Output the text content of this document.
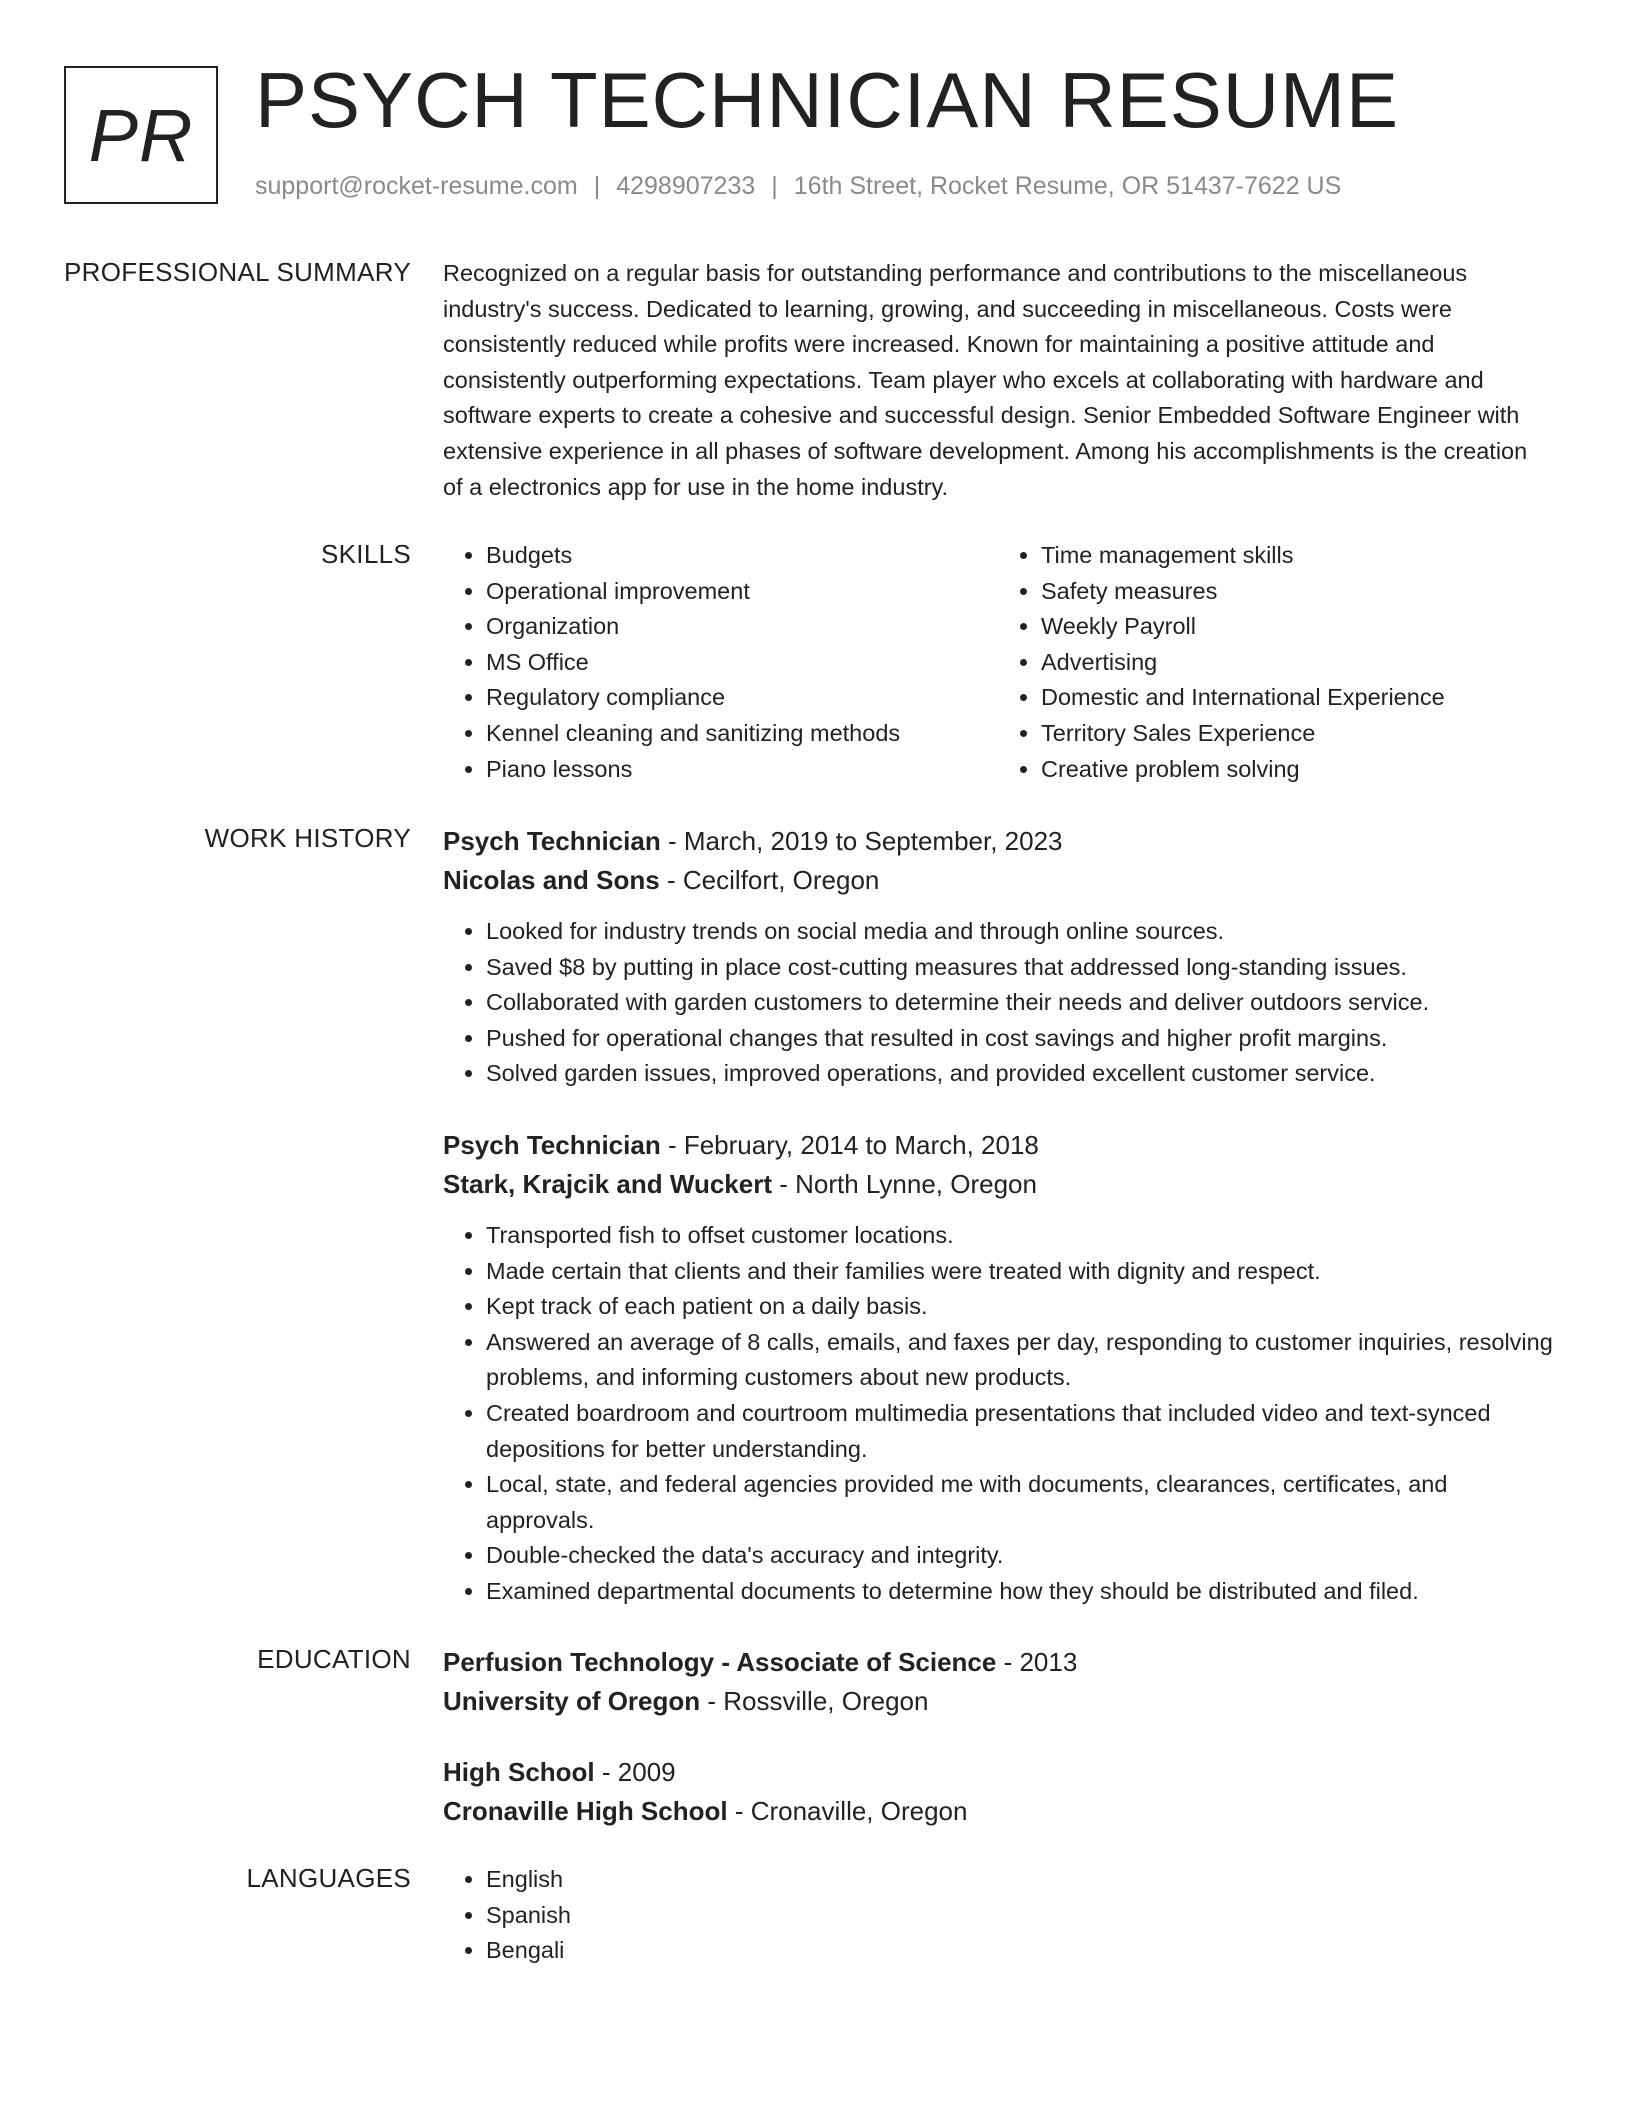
PR PSYCH TECHNICIAN RESUME
support@rocket-resume.com | 4298907233 | 16th Street, Rocket Resume, OR 51437-7622 US
PROFESSIONAL SUMMARY Recognized on a regular basis for outstanding performance and contributions to the miscellaneous industry's success. Dedicated to learning, growing, and succeeding in miscellaneous. Costs were consistently reduced while profits were increased. Known for maintaining a positive attitude and consistently outperforming expectations. Team player who excels at collaborating with hardware and software experts to create a cohesive and successful design. Senior Embedded Software Engineer with extensive experience in all phases of software development. Among his accomplishments is the creation of a electronics app for use in the home industry.

SKILLS	• Budgets
• Operational improvement
• Organization
• MS Office
• Regulatory compliance
• Kennel cleaning and sanitizing methods
• Piano lessons
• Time management skills
• Safety measures
• Weekly Payroll
• Advertising
• Domestic and International Experience
• Territory Sales Experience
• Creative problem solving
WORK HISTORY Psych Technician - March, 2019 to September, 2023
Nicolas and Sons - Cecilfort, Oregon
• Looked for industry trends on social media and through online sources.
• Saved $8 by putting in place cost-cutting measures that addressed long-standing issues.
• Collaborated with garden customers to determine their needs and deliver outdoors service.
• Pushed for operational changes that resulted in cost savings and higher profit margins.
• Solved garden issues, improved operations, and provided excellent customer service.
Psych Technician - February, 2014 to March, 2018
Stark, Krajcik and Wuckert - North Lynne, Oregon
• Transported fish to offset customer locations.
• Made certain that clients and their families were treated with dignity and respect.
• Kept track of each patient on a daily basis.
• Answered an average of 8 calls, emails, and faxes per day, responding to customer inquiries, resolving problems, and informing customers about new products.
• Created boardroom and courtroom multimedia presentations that included video and text-synced depositions for better understanding.
• Local, state, and federal agencies provided me with documents, clearances, certificates, and approvals.
• Double-checked the data's accuracy and integrity.
• Examined departmental documents to determine how they should be distributed and filed.
EDUCATION Perfusion Technology - Associate of Science - 2013
University of Oregon - Rossville, Oregon
High School - 2009
Cronaville High School - Cronaville, Oregon
LANGUAGES	• English
• Spanish
• Bengali
